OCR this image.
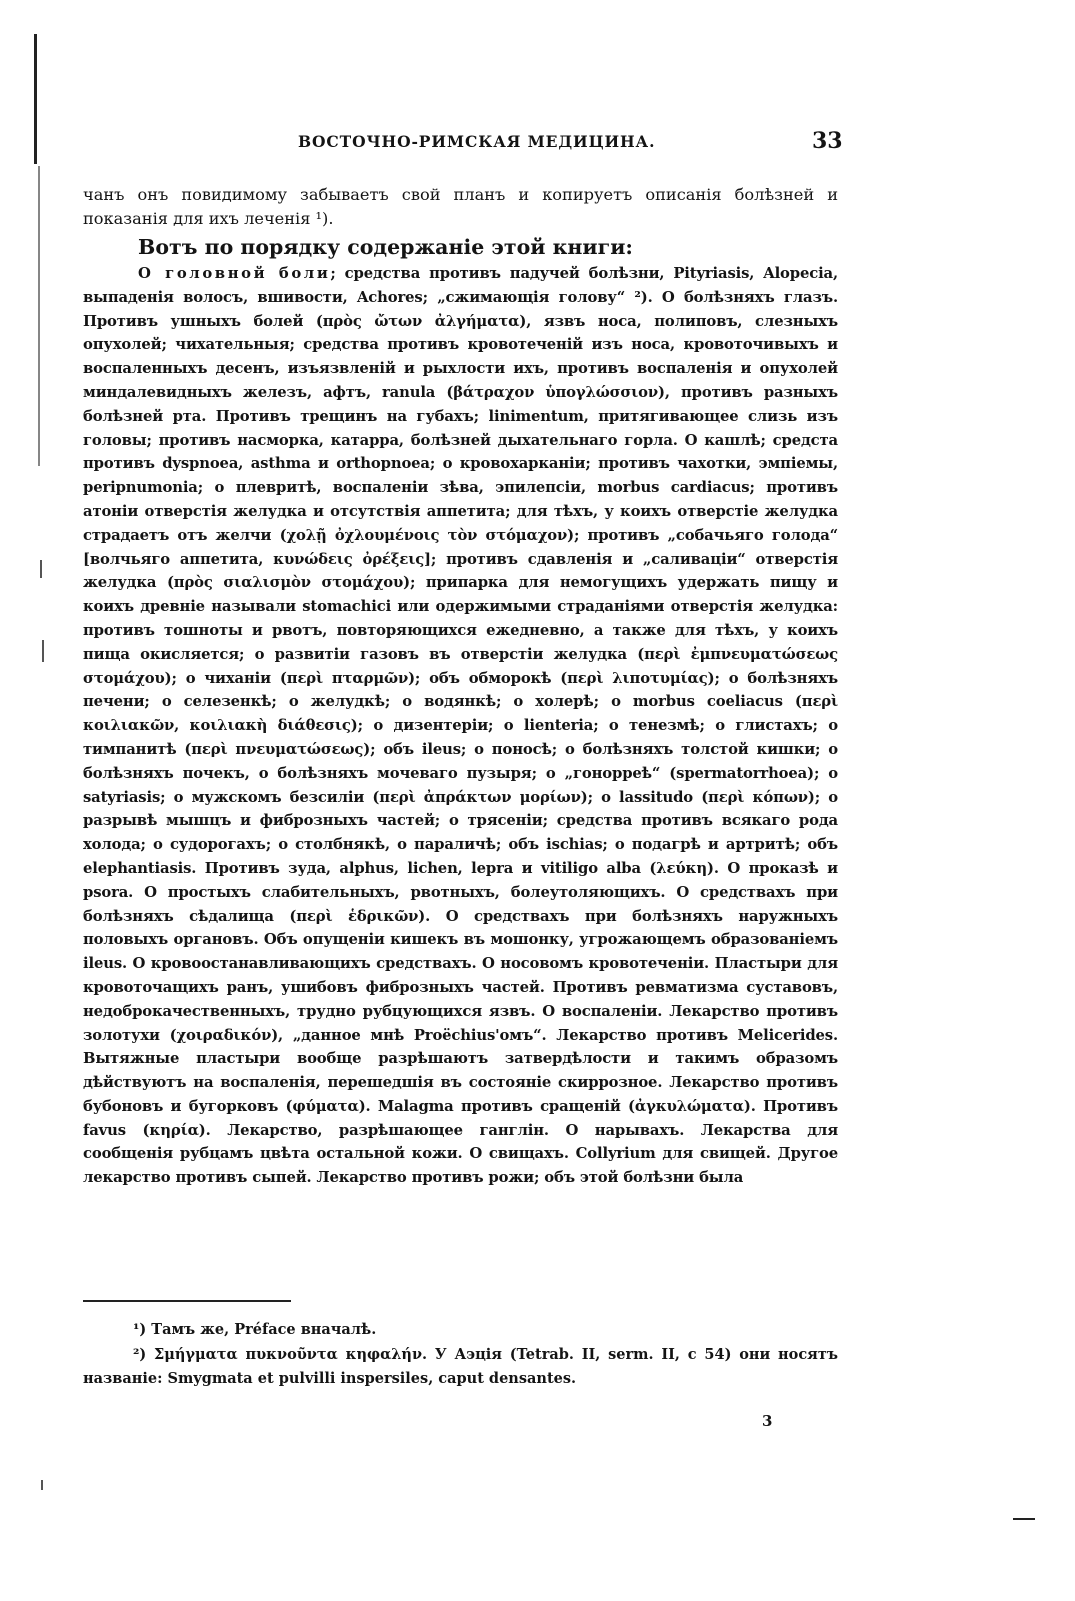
ВОСТОЧНО-РИМСКАЯ МЕДИЦИНА.	33

чанъ онъ повидимому забываетъ свой планъ и копируетъ описанія болѣзней и показанія для ихъ леченія ¹).

Вотъ по порядку содержаніе этой книги:

О головной боли; средства противъ падучей болѣзни, Pityriasis, Alopecia, выпаденія волосъ, вшивости, Achores; „сжимающія голову“ ²). О болѣзняхъ глазъ. Противъ ушныхъ болей (πρὸς ὤτων ἀλγήματα), язвъ носа, полиповъ, слезныхъ опухолей; чихательныя; средства противъ кровотеченій изъ носа, кровоточивыхъ и воспаленныхъ десенъ, изъязвленій и рыхлости ихъ, противъ воспаленія и опухолей миндалевидныхъ железъ, афтъ, ranula (βάτραχον ὑπογλώσσιον), противъ разныхъ болѣзней рта. Противъ трещинъ на губахъ; linimentum, притягивающее слизь изъ головы; противъ насморка, катарра, болѣзней дыхательнаго горла. О кашлѣ; средста противъ dyspnoea, asthma и orthopnoea; о кровохарканіи; противъ чахотки, эмпіемы, peripnumonia; о плевритѣ, воспаленіи зѣва, эпилепсіи, morbus cardiacus; противъ атоніи отверстія желудка и отсутствія аппетита; для тѣхъ, у коихъ отверстіе желудка страдаетъ отъ желчи (χολῇ ὀχλουμένοις τὸν στόμαχον); противъ „собачьяго голода“ [волчьяго аппетита, κυνώδεις ὀρέξεις]; противъ сдавленія и „саливаціи“ отверстія желудка (πρὸς σιαλισμὸν στομάχου); припарка для немогущихъ удержать пищу и коихъ древніе называли stomachici или одержимыми страданіями отверстія желудка: противъ тошноты и рвотъ, повторяющихся ежедневно, а также для тѣхъ, у коихъ пища окисляется; о развитіи газовъ въ отверстіи желудка (περὶ ἐμπνευματώσεως στομάχου); о чиханіи (περὶ πταρμῶν); объ обморокѣ (περὶ λιποτυμίας); о болѣзняхъ печени; о селезенкѣ; о желудкѣ; о водянкѣ; о холерѣ; о morbus coeliacus (περὶ κοιλιακῶν, κοιλιακὴ διάθεσις); о дизентеріи; о lienteria; о тенезмѣ; о глистахъ; о тимпанитѣ (περὶ πνευματώσεως); объ ileus; о поносѣ; о болѣзняхъ толстой кишки; о болѣзняхъ почекъ, о болѣзняхъ мочеваго пузыря; о „гонорреѣ“ (spermatorrhoea); о satyriasis; о мужскомъ безсиліи (περὶ ἀπράκτων μορίων); о lassitudo (περὶ κόπων); о разрывѣ мышцъ и фиброзныхъ частей; о трясеніи; средства противъ всякаго рода холода; о судорогахъ; о столбнякѣ, о параличѣ; объ ischias; о подагрѣ и артритѣ; объ elephantiasis. Противъ зуда, alphus, lichen, lepra и vitiligo alba (λεύκη). О проказѣ и psora. О простыхъ слабительныхъ, рвотныхъ, болеутоляющихъ. О средствахъ при болѣзняхъ сѣдалища (περὶ ἑδρικῶν). О средствахъ при болѣзняхъ наружныхъ половыхъ органовъ. Объ опущеніи кишекъ въ мошонку, угрожающемъ образованіемъ ileus. О кровоостанавливающихъ средствахъ. О носовомъ кровотеченіи. Пластыри для кровоточащихъ ранъ, ушибовъ фиброзныхъ частей. Противъ ревматизма суставовъ, недоброкачественныхъ, трудно рубцующихся язвъ. О воспаленіи. Лекарство противъ золотухи (χοιραδικόν), „данное мнѣ Proëchius'омъ“. Лекарство противъ Meliceridеs. Вытяжные пластыри вообще разрѣшаютъ затвердѣлости и такимъ образомъ дѣйствуютъ на воспаленія, перешедшія въ состояніе скиррозное. Лекарство противъ бубоновъ и бугорковъ (φύματα). Malagma противъ сращеній (ἀγκυλώματα). Противъ favus (κηρία). Лекарство, разрѣшающее ганглін. О нарывахъ. Лекарства для сообщенія рубцамъ цвѣта остальной кожи. О свищахъ. Collyrium для свищей. Другое лекарство противъ сыпей. Лекарство противъ рожи; объ этой болѣзни была

¹) Тамъ же, Préface вначалѣ.

²) Σμήγματα πυκνοῦντα κηφαλήν. У Аэція (Tetrab. II, serm. II, с 54) они носятъ названіе: Smygmata et pulvilli inspersiles, caput densantes.

3
